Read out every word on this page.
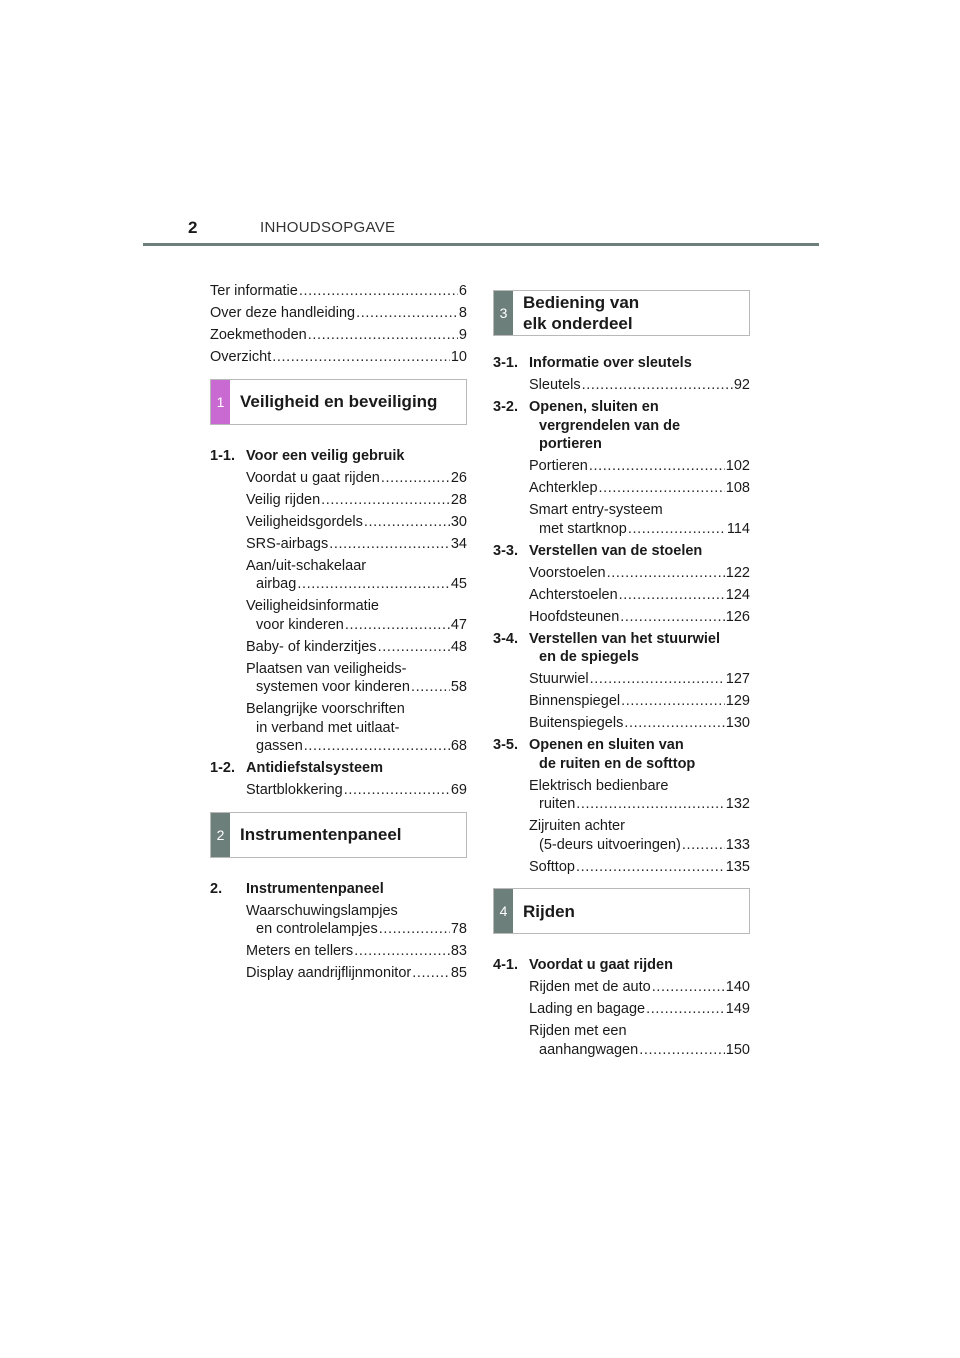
2	INHOUDSOPGAVE
Ter informatie .....	6
Over deze handleiding .....	8
Zoekmethoden .....	9
Overzicht .....	10
1 Veiligheid en beveiliging
1-1. Voor een veilig gebruik
Voordat u gaat rijden .....	26
Veilig rijden .....	28
Veiligheidsgordels .....	30
SRS-airbags .....	34
Aan/uit-schakelaar
airbag .....	45
Veiligheidsinformatie
voor kinderen .....	47
Baby- of kinderzitjes .....	48
Plaatsen van veiligheids-
systemen voor kinderen .....	58
Belangrijke voorschriften
in verband met uitlaat-
gassen .....	68
1-2. Antidiefstalsysteem
Startblokkering .....	69
2 Instrumentenpaneel
2.	Instrumentenpaneel
Waarschuwingslampjes
en controlelampjes .....	78
Meters en tellers .....	83
Display aandrijflijnmonitor .....	85
3
Bediening van
elk onderdeel
3-1. Informatie over sleutels
Sleutels .....	92
3-2. Openen, sluiten en
vergrendelen van de
portieren
Portieren .....	102
Achterklep .....	108
Smart entry-systeem
met startknop .....	114
3-3. Verstellen van de stoelen
Voorstoelen .....	122
Achterstoelen .....	124
Hoofdsteunen .....	126
3-4. Verstellen van het stuurwiel
en de spiegels
Stuurwiel .....	127
Binnenspiegel .....	129
Buitenspiegels .....	130
3-5. Openen en sluiten van
de ruiten en de softtop
Elektrisch bedienbare
ruiten .....	132
Zijruiten achter
(5-deurs uitvoeringen) .....	133
Softtop .....	135
4 Rijden
4-1. Voordat u gaat rijden
Rijden met de auto .....	140
Lading en bagage .....	149
Rijden met een
aanhangwagen .....	150
